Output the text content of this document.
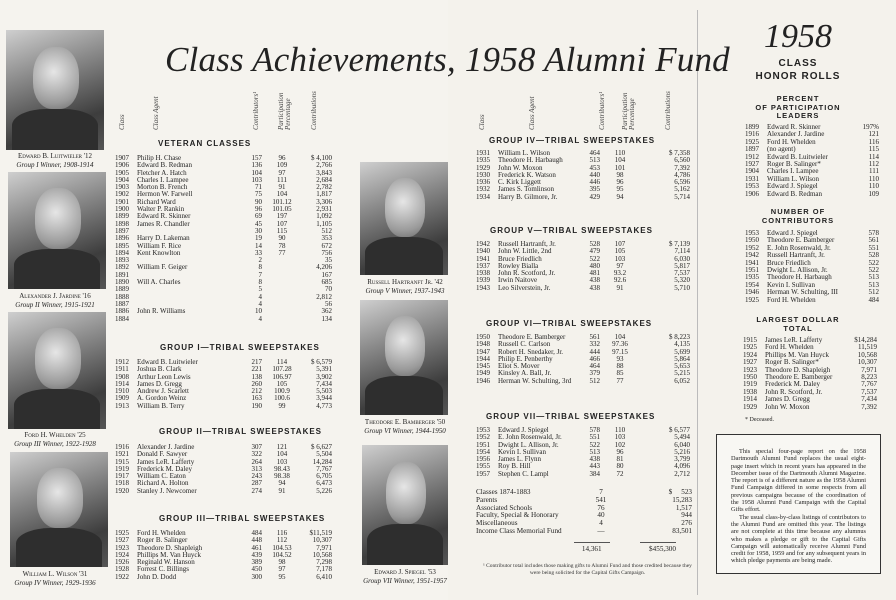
Class Achievements, 1958 Alumni Fund
Edward B. Luitwieler '12
Group I Winner, 1908-1914
Alexander J. Jardine '16
Group II Winner, 1915-1921
Ford H. Whelden '25
Group III Winner, 1922-1928
William L. Wilson '31
Group IV Winner, 1929-1936
Russell Hartranft Jr. '42
Group V Winner, 1937-1943
Theodore E. Bamberger '50
Group VI Winner, 1944-1950
Edward J. Spiegel '53
Group VII Winner, 1951-1957
Class	Class Agent	Contributors¹ Participation Percentage	Contributions	Class	Class Agent	Contributors¹ Participation Percentage	Contributions
VETERAN CLASSES
GROUP I—TRIBAL SWEEPSTAKES
GROUP II—TRIBAL SWEEPSTAKES
GROUP III—TRIBAL SWEEPSTAKES
GROUP IV—TRIBAL SWEEPSTAKES
GROUP V—TRIBAL SWEEPSTAKES
GROUP VI—TRIBAL SWEEPSTAKES
GROUP VII—TRIBAL SWEEPSTAKES
1907	Philip H. Chase	157	96	$ 4,100
1906	Edward B. Redman	136	109	2,766
1905	Fletcher A. Hatch	104	97	3,843
1904	Charles I. Lampee	103	111	2,684
1903	Morton B. French	71	91	2,782
1902	Hermon W. Farwell	75	104	1,817
1901	Richard Ward	90	101.12	3,306
1900	Walter P. Rankin	96	101.05	2,931
1899	Edward R. Skinner	69	197	1,092
1898	James R. Chandler	45	107	1,105
1897	30	115	512
1896	Harry D. Lakeman	19	90	353
1895	William F. Rice	14	78	672
1894	Kent Knowlton	33	77	756
1893	2	35
1892	William F. Geiger	8	4,206
1891	7	167
1890	Will A. Charles	8	685
1889	5	70
1888	4	2,812
1887	4	56
1886	John R. Williams	10	362
1884	4	134
1912	Edward B. Luitwieler	217	114	$ 6,579
1911	Joshua B. Clark	221	107.28	5,391
1908	Arthur Leon Lewis	138	106.97	3,902
1914	James D. Gregg	260	105	7,434
1910	Andrew J. Scarlett	212	100.9	5,503
1909	A. Gordon Weinz	163	100.6	3,944
1913	William B. Terry	190	99	4,773
1916	Alexander J. Jardine	307	121	$ 6,627
1921	Donald F. Sawyer	322	104	5,504
1915	James LeR. Lafferty	264	103	14,284
1919	Frederick M. Daley	313	98.43	7,767
1917	William C. Eaton	243	98.38	6,705
1918	Richard A. Holton	287	94	6,473
1920	Stanley J. Newcomer	274	91	5,226
1925	Ford H. Whelden	484	116	$11,519
1927	Roger B. Salinger	448	112	10,307
1923	Theodore D. Shapleigh	461	104.53	7,971
1924	Phillips M. Van Huyck	439	104.52	10,568
1926	Reginald W. Hanson	389	98	7,298
1928	Forrest C. Billings	450	97	7,178
1922	John D. Dodd	300	95	6,410
1931	William L. Wilson	464	110	$ 7,358
1935	Theodore H. Harbaugh	513	104	6,560
1929	John W. Moxon	453	101	7,392
1930	Frederick K. Watson	440	98	4,786
1936	C. Kirk Liggett	446	96	6,596
1932	James S. Tomlinson	395	95	5,162
1934	Harry B. Gilmore, Jr.	429	94	5,714
1942	Russell Hartranft, Jr.	528	107	$ 7,139
1940	John W. Little, 2nd	479	105	7,114
1941	Bruce Friedlich	522	103	6,030
1937	Rowley Bialla	480	97	5,817
1938	John R. Scotford, Jr.	481	93.2	7,537
1939	Irwin Naitove	438	92.6	5,320
1943	Leo Silverstein, Jr.	438	91	5,710
1950	Theodore E. Bamberger	561	104	$ 8,223
1948	Russell C. Carlson	332	97.36	4,135
1947	Robert H. Snedaker, Jr.	444	97.15	5,699
1944	Philip E. Penberthy	466	93	5,864
1945	Eliot S. Mover	464	88	5,653
1949	Kinsley A. Ball, Jr.	379	85	5,215
1946	Herman W. Schulting, 3rd	512	77	6,052
1953	Edward J. Spiegel	578	110	$ 6,577
1952	E. John Rosenwald, Jr.	551	103	5,494
1951	Dwight L. Allison, Jr.	522	102	6,040
1954	Kevin I. Sullivan	513	96	5,216
1956	James L. Flynn	438	81	3,799
1955	Roy B. Hill	443	80	4,096
1957	Stephen C. Lampl	384	72	2,712
Classes 1874-1883	7	$     523
Parents	541	15,283
Associated Schools	76	1,517
Faculty, Special & Honorary	40	944
Miscellaneous	4	276
Income Class Memorial Fund	—	83,501
14,361	$455,300
¹ Contributor total includes those making gifts to Alumni Fund and those credited because they were being solicited for the Capital Gifts Campaign.
1958
CLASS
HONOR ROLLS
PERCENT
OF PARTICIPATION
LEADERS
1899	Edward R. Skinner	197%
1916	Alexander J. Jardine	121
1925	Ford H. Whelden	116
1897	(no agent)	115
1912	Edward B. Luitwieler	114
1927	Roger B. Salinger*	112
1904	Charles I. Lampee	111
1931	William L. Wilson	110
1953	Edward J. Spiegel	110
1906	Edward B. Redman	109
NUMBER OF
CONTRIBUTORS
1953	Edward J. Spiegel	578
1950	Theodore E. Bamberger	561
1952	E. John Rosenwald, Jr.	551
1942	Russell Hartranft, Jr.	528
1941	Bruce Friedlich	522
1951	Dwight L. Allison, Jr.	522
1935	Theodore H. Harbaugh	513
1954	Kevin I. Sullivan	513
1946	Herman W. Schulting, III	512
1925	Ford H. Whelden	484
LARGEST DOLLAR
TOTAL
1915	James LeR. Lafferty	$14,284
1925	Ford H. Whelden	11,519
1924	Phillips M. Van Huyck	10,568
1927	Roger B. Salinger*	10,307
1923	Theodore D. Shapleigh	7,971
1950	Theodore E. Bamberger	8,223
1919	Frederick M. Daley	7,767
1938	John R. Scotford, Jr.	7,537
1914	James D. Gregg	7,434
1929	John W. Moxon	7,392
* Deceased.

This special four-page report on the 1958 Dartmouth Alumni Fund replaces the usual eight-page insert which in recent years has appeared in the December issue of the Dartmouth Alumni Magazine. The report is of a different nature as the 1958 Alumni Fund Campaign differed in some respects from all previous campaigns because of the coordination of the 1958 Alumni Fund Campaign with the Capital Gifts effort.

The usual class-by-class listings of contributors to the Alumni Fund are omitted this year. The listings are not complete at this time because any alumnus who makes a pledge or gift to the Capital Gifts Campaign will automatically receive Alumni Fund credit for 1958, 1959 and for any subsequent years in which pledge payments are being made.
